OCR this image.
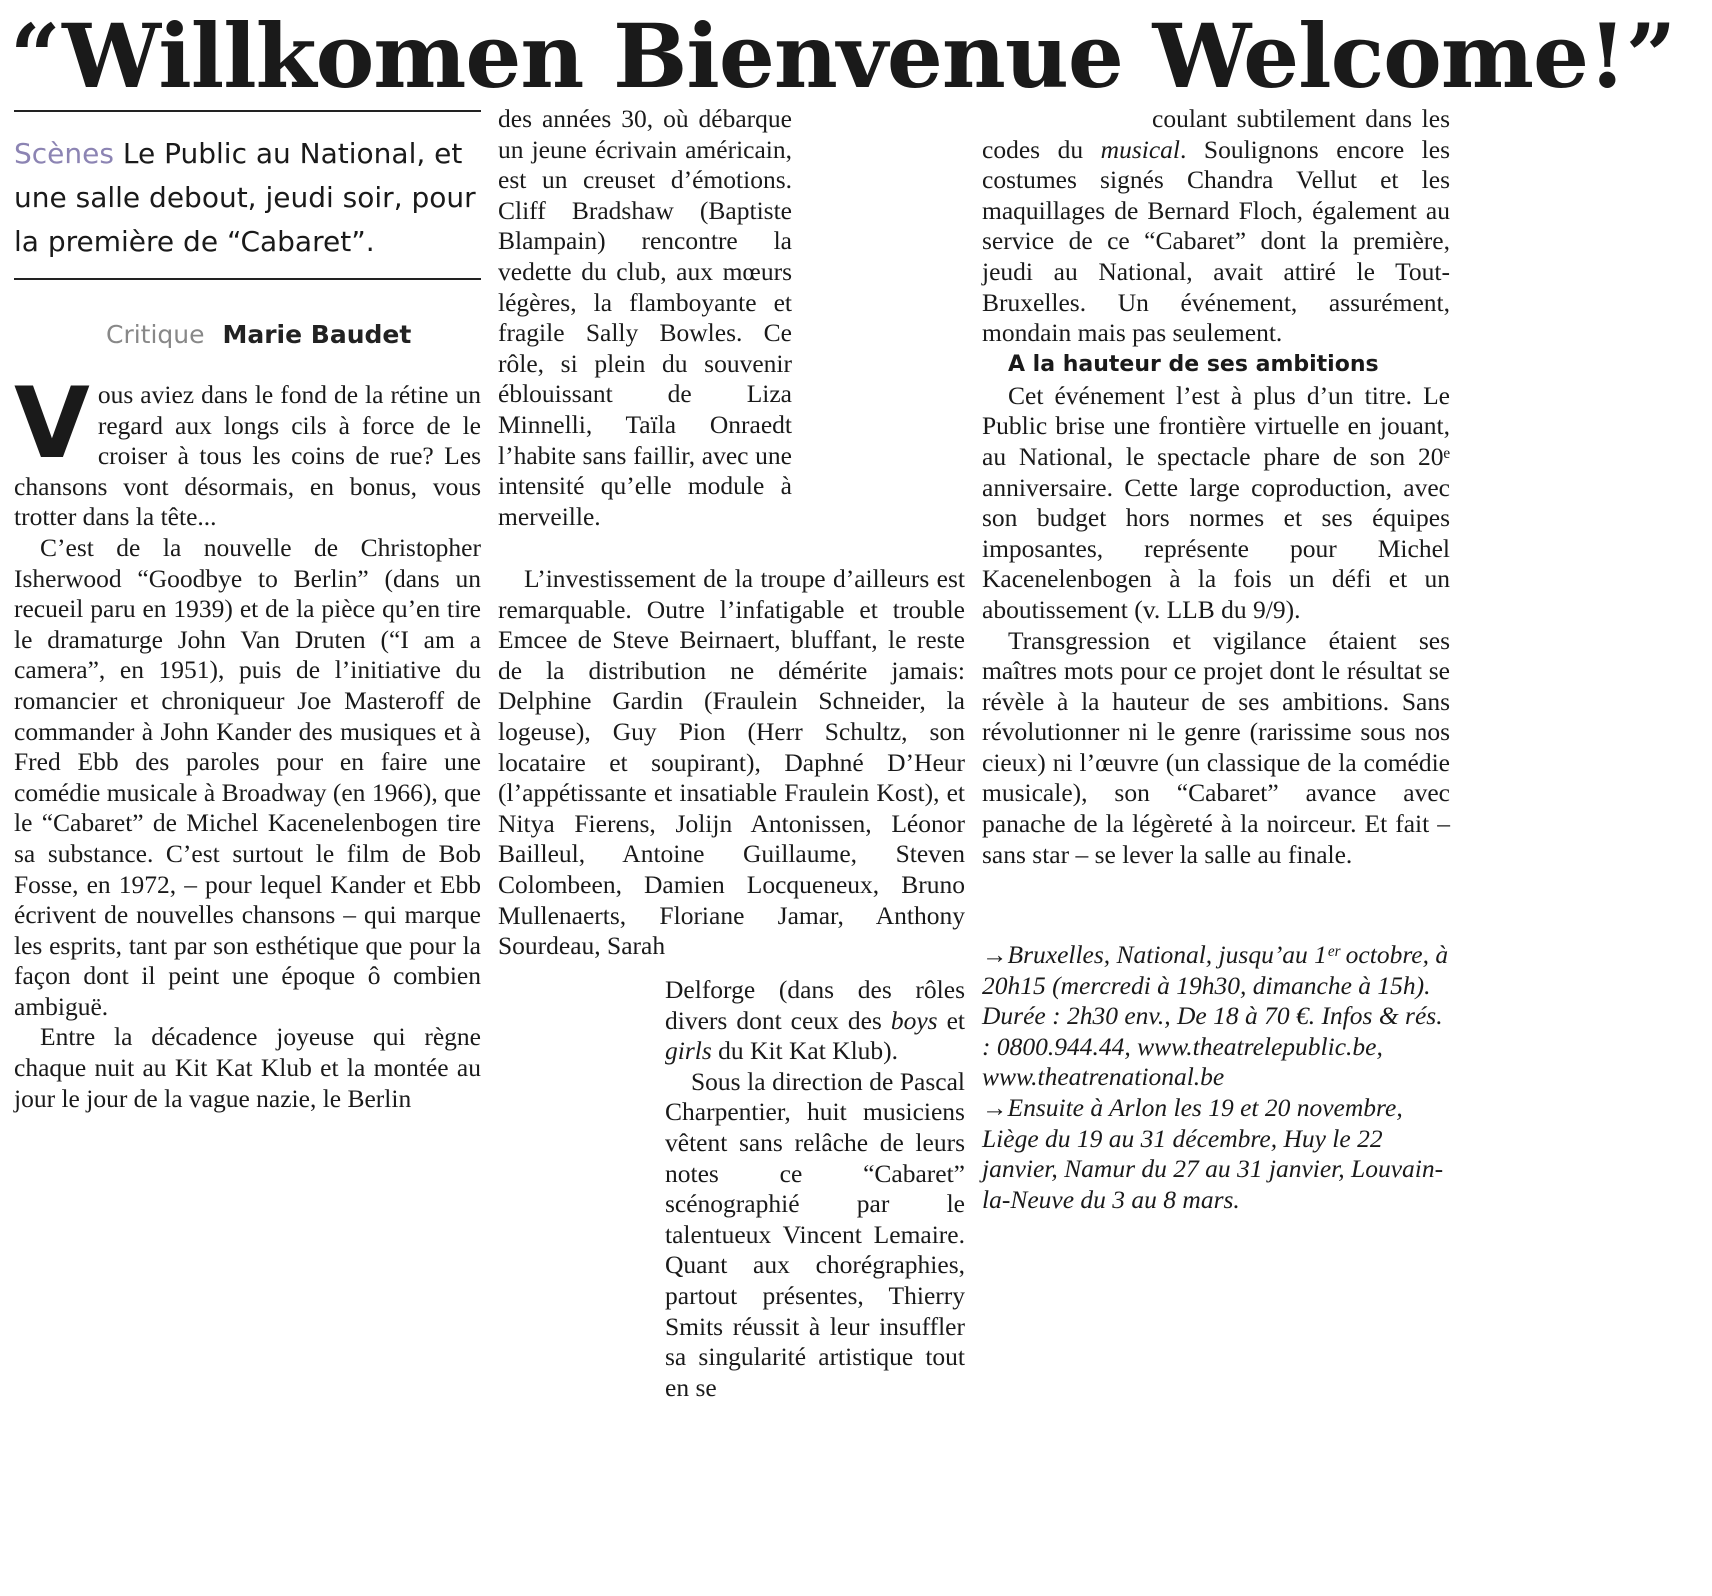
“Willkomen Bienvenue Welcome!”
Scènes Le Public au National, et une salle debout, jeudi soir, pour la première de “Cabaret”.
Critique Marie Baudet

Vous aviez dans le fond de la rétine un regard aux longs cils à force de le croiser à tous les coins de rue? Les chansons vont désormais, en bonus, vous trotter dans la tête...

C’est de la nouvelle de Christopher Isherwood “Goodbye to Berlin” (dans un recueil paru en 1939) et de la pièce qu’en tire le dramaturge John Van Druten (“I am a camera”, en 1951), puis de l’initiative du romancier et chroniqueur Joe Masteroff de commander à John Kander des musiques et à Fred Ebb des paroles pour en faire une comédie musicale à Broadway (en 1966), que le “Cabaret” de Michel Kacenelenbogen tire sa substance. C’est surtout le film de Bob Fosse, en 1972, – pour lequel Kander et Ebb écrivent de nouvelles chansons – qui marque les esprits, tant par son esthétique que pour la façon dont il peint une époque ô combien ambiguë.

Entre la décadence joyeuse qui règne chaque nuit au Kit Kat Klub et la montée au jour le jour de la vague nazie, le Berlin

des années 30, où débarque un jeune écrivain américain, est un creuset d’émotions. Cliff Bradshaw (Baptiste Blampain) rencontre la vedette du club, aux mœurs légères, la flamboyante et fragile Sally Bowles. Ce rôle, si plein du souvenir éblouissant de Liza Minnelli, Taïla Onraedt l’habite sans faillir, avec une intensité qu’elle module à merveille.

L’investissement de la troupe d’ailleurs est remarquable. Outre l’infatigable et trouble Emcee de Steve Beirnaert, bluffant, le reste de la distribution ne démérite jamais: Delphine Gardin (Fraulein Schneider, la logeuse), Guy Pion (Herr Schultz, son locataire et soupirant), Daphné D’Heur (l’appétissante et insatiable Fraulein Kost), et Nitya Fierens, Jolijn Antonissen, Léonor Bailleul, Antoine Guillaume, Steven Colombeen, Damien Locqueneux, Bruno Mullenaerts, Floriane Jamar, Anthony Sourdeau, Sarah

Delforge (dans des rôles divers dont ceux des boys et girls du Kit Kat Klub).

Sous la direction de Pascal Charpentier, huit musiciens vêtent sans relâche de leurs notes ce “Cabaret” scénographié par le talentueux Vincent Lemaire. Quant aux chorégraphies, partout présentes, Thierry Smits réussit à leur insuffler sa singularité artistique tout en se

coulant subtilement dans les codes du musical. Soulignons encore les costumes signés Chandra Vellut et les maquillages de Bernard Floch, également au service de ce “Cabaret” dont la première, jeudi au National, avait attiré le Tout-Bruxelles. Un événement, assurément, mondain mais pas seulement.

A la hauteur de ses ambitions

Cet événement l’est à plus d’un titre. Le Public brise une frontière virtuelle en jouant, au National, le spectacle phare de son 20ᵉ anniversaire. Cette large coproduction, avec son budget hors normes et ses équipes imposantes, représente pour Michel Kacenelenbogen à la fois un défi et un aboutissement (v. LLB du 9/9).

Transgression et vigilance étaient ses maîtres mots pour ce projet dont le résultat se révèle à la hauteur de ses ambitions. Sans révolutionner ni le genre (rarissime sous nos cieux) ni l’œuvre (un classique de la comédie musicale), son “Cabaret” avance avec panache de la légèreté à la noirceur. Et fait – sans star – se lever la salle au finale.

→Bruxelles, National, jusqu’au 1ᵉʳ octobre, à 20h15 (mercredi à 19h30, dimanche à 15h). Durée : 2h30 env., De 18 à 70 €. Infos & rés. : 0800.944.44, www.theatrelepublic.be, www.theatrenational.be

→Ensuite à Arlon les 19 et 20 novembre, Liège du 19 au 31 décembre, Huy le 22 janvier, Namur du 27 au 31 janvier, Louvain-la-Neuve du 3 au 8 mars.
